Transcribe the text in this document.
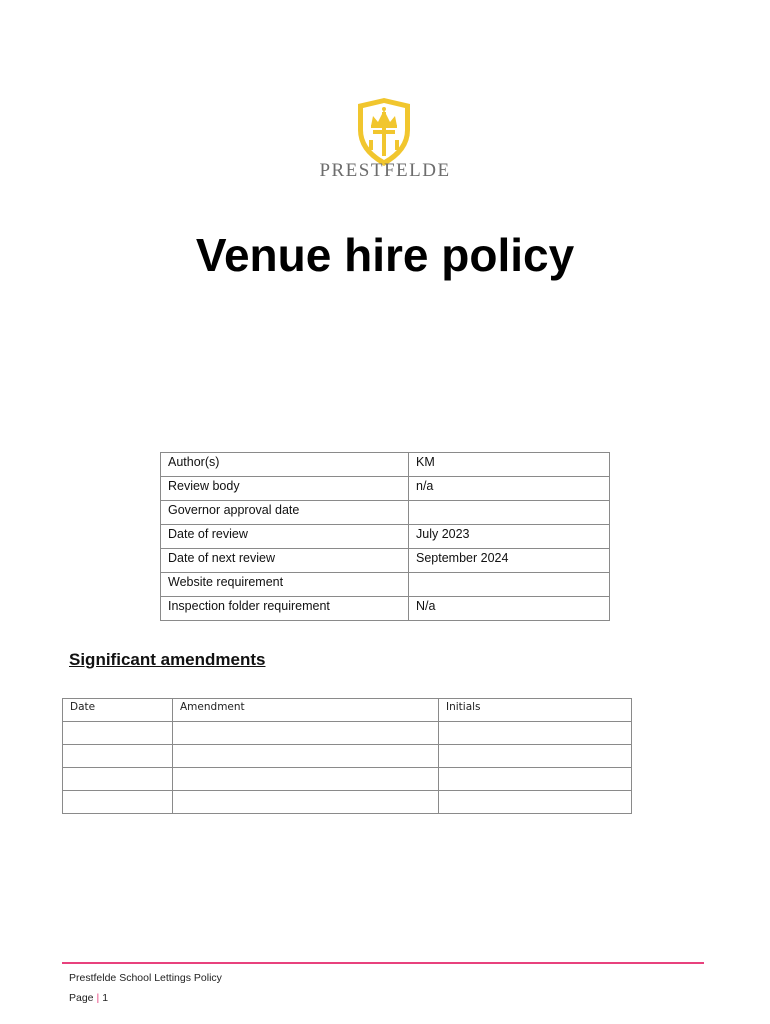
PRESTFELDE
Venue hire policy
Author(s)	KM
Review body	n/a
Governor approval date	
Date of review	July 2023
Date of next review	September 2024
Website requirement	
Inspection folder requirement	N/a
Significant amendments
Date	Amendment	Initials

Prestfelde School Lettings Policy
Page | 1
